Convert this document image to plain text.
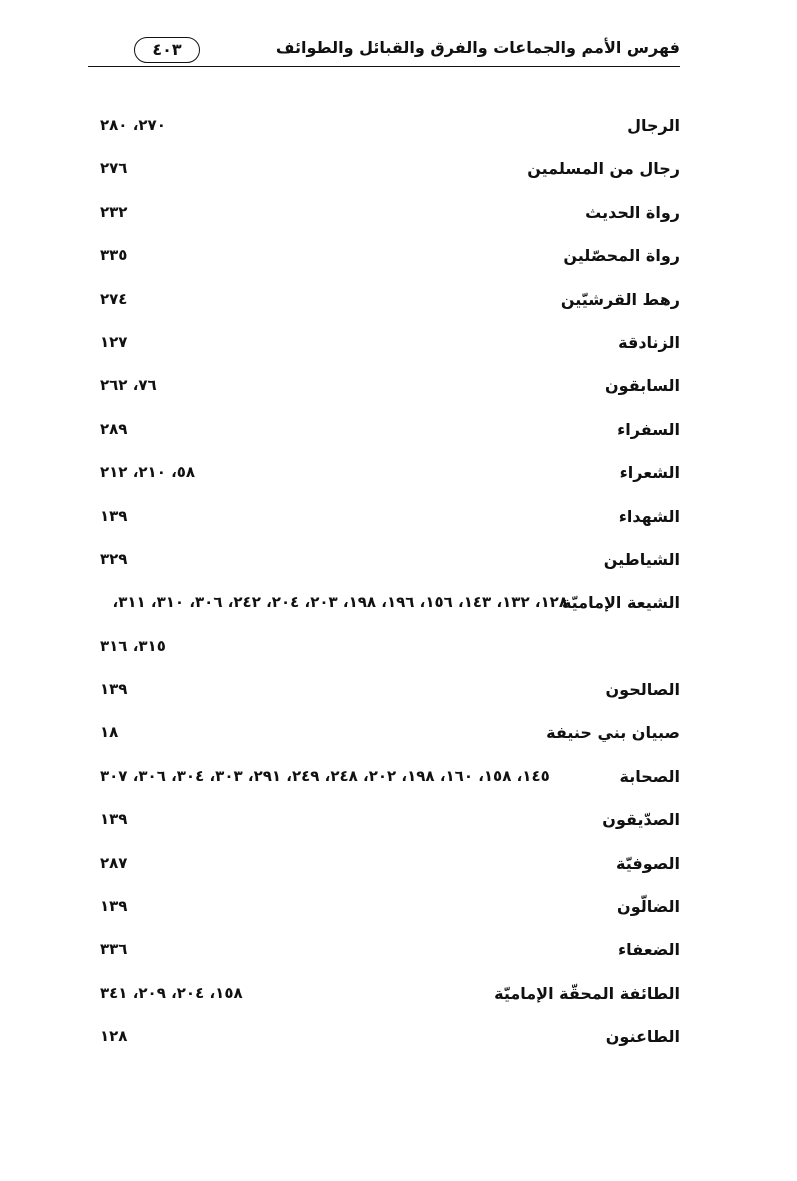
فهرس الأمم والجماعات والفرق والقبائل والطوائف
٤٠٣
الرجال
٢٧٠، ٢٨٠
رجال من المسلمين
٢٧٦
رواة الحديث
٢٣٢
رواة المحصّلين
٣٣٥
رهط القرشيّين
٢٧٤
الزنادقة
١٢٧
السابقون
٧٦، ٢٦٢
السفراء
٢٨٩
الشعراء
٥٨، ٢١٠، ٢١٢
الشهداء
١٣٩
الشياطين
٣٢٩
الشيعة الإماميّة
١٢٨، ١٣٢، ١٤٣، ١٥٦، ١٩٦، ١٩٨، ٢٠٣، ٢٠٤، ٢٤٢، ٣٠٦، ٣١٠، ٣١١،
٣١٥، ٣١٦
الصالحون
١٣٩
صبيان بني حنيفة
١٨
الصحابة
١٤٥، ١٥٨، ١٦٠، ١٩٨، ٢٠٢، ٢٤٨، ٢٤٩، ٢٩١، ٣٠٣، ٣٠٤، ٣٠٦، ٣٠٧
الصدّيقون
١٣٩
الصوفيّة
٢٨٧
الضالّون
١٣٩
الضعفاء
٣٣٦
الطائفة المحقّة الإماميّة
١٥٨، ٢٠٤، ٢٠٩، ٣٤١
الطاعنون
١٢٨
